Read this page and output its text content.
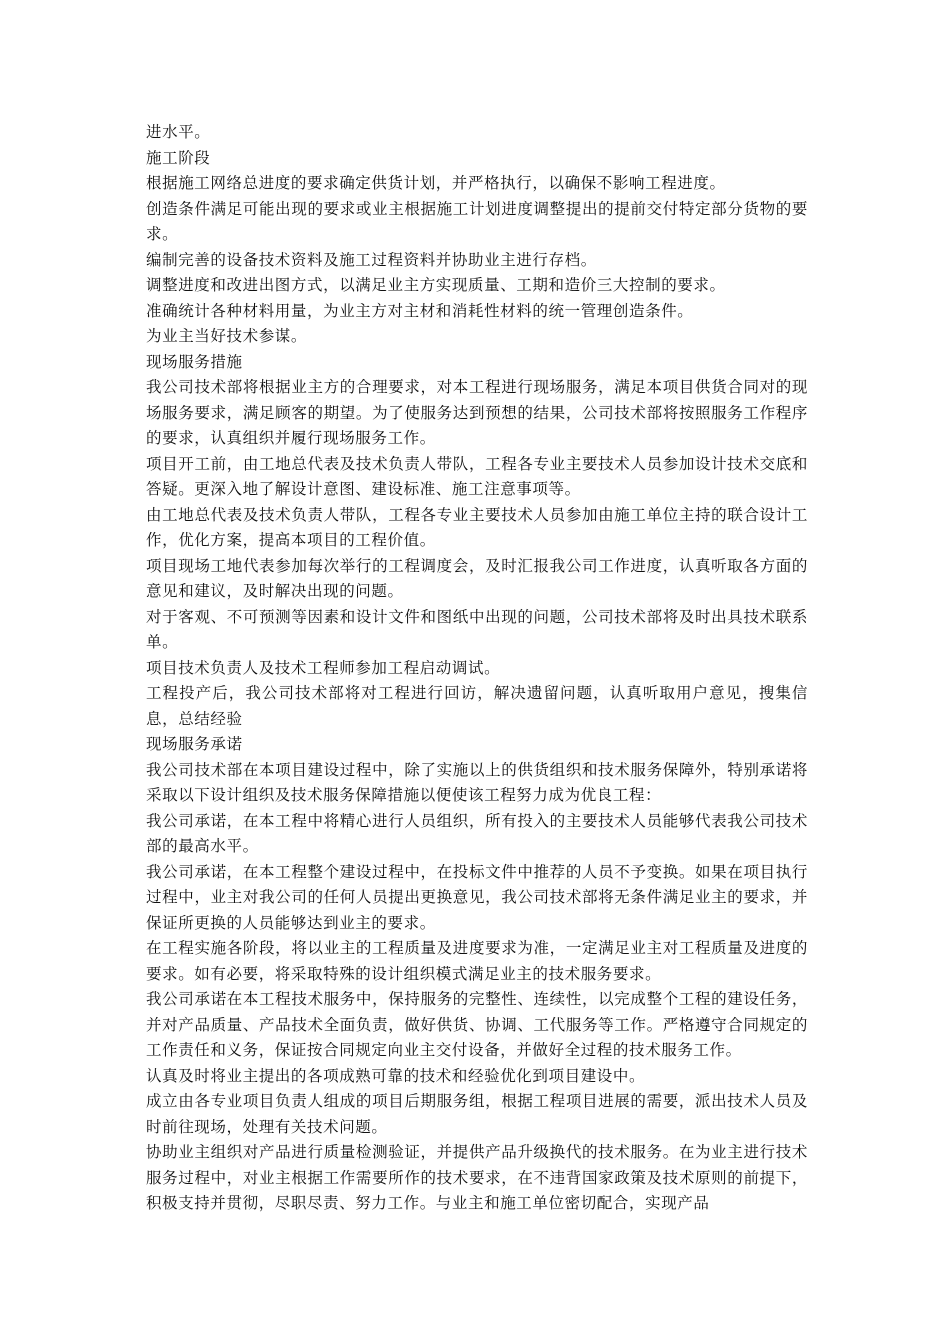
进水平。

施工阶段

根据施工网络总进度的要求确定供货计划，并严格执行，以确保不影响工程进度。

创造条件满足可能出现的要求或业主根据施工计划进度调整提出的提前交付特定部分货物的要求。

编制完善的设备技术资料及施工过程资料并协助业主进行存档。

调整进度和改进出图方式，以满足业主方实现质量、工期和造价三大控制的要求。

准确统计各种材料用量，为业主方对主材和消耗性材料的统一管理创造条件。

为业主当好技术参谋。

现场服务措施

我公司技术部将根据业主方的合理要求，对本工程进行现场服务，满足本项目供货合同对的现场服务要求，满足顾客的期望。为了使服务达到预想的结果，公司技术部将按照服务工作程序的要求，认真组织并履行现场服务工作。

项目开工前，由工地总代表及技术负责人带队，工程各专业主要技术人员参加设计技术交底和答疑。更深入地了解设计意图、建设标准、施工注意事项等。

由工地总代表及技术负责人带队，工程各专业主要技术人员参加由施工单位主持的联合设计工作，优化方案，提高本项目的工程价值。

项目现场工地代表参加每次举行的工程调度会，及时汇报我公司工作进度，认真听取各方面的意见和建议，及时解决出现的问题。

对于客观、不可预测等因素和设计文件和图纸中出现的问题，公司技术部将及时出具技术联系单。

项目技术负责人及技术工程师参加工程启动调试。

工程投产后，我公司技术部将对工程进行回访，解决遗留问题，认真听取用户意见，搜集信息，总结经验

现场服务承诺

我公司技术部在本项目建设过程中，除了实施以上的供货组织和技术服务保障外，特别承诺将采取以下设计组织及技术服务保障措施以便使该工程努力成为优良工程：

我公司承诺，在本工程中将精心进行人员组织，所有投入的主要技术人员能够代表我公司技术部的最高水平。

我公司承诺，在本工程整个建设过程中，在投标文件中推荐的人员不予变换。如果在项目执行过程中，业主对我公司的任何人员提出更换意见，我公司技术部将无条件满足业主的要求，并保证所更换的人员能够达到业主的要求。

在工程实施各阶段，将以业主的工程质量及进度要求为准，一定满足业主对工程质量及进度的要求。如有必要，将采取特殊的设计组织模式满足业主的技术服务要求。

我公司承诺在本工程技术服务中，保持服务的完整性、连续性，以完成整个工程的建设任务，并对产品质量、产品技术全面负责，做好供货、协调、工代服务等工作。严格遵守合同规定的工作责任和义务，保证按合同规定向业主交付设备，并做好全过程的技术服务工作。

认真及时将业主提出的各项成熟可靠的技术和经验优化到项目建设中。

成立由各专业项目负责人组成的项目后期服务组，根据工程项目进展的需要，派出技术人员及时前往现场，处理有关技术问题。

协助业主组织对产品进行质量检测验证，并提供产品升级换代的技术服务。在为业主进行技术服务过程中，对业主根据工作需要所作的技术要求，在不违背国家政策及技术原则的前提下，积极支持并贯彻，尽职尽责、努力工作。与业主和施工单位密切配合，实现产品
